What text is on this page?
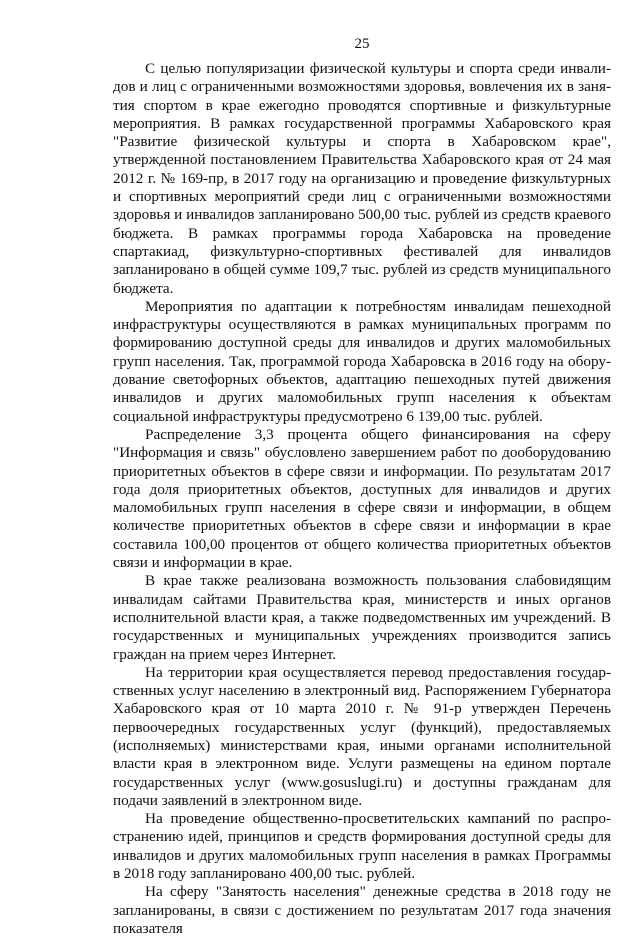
25

С целью популяризации физической культуры и спорта среди инвалидов и лиц с ограниченными возможностями здоровья, вовлечения их в занятия спортом в крае ежегодно проводятся спортивные и физкультурные мероприятия. В рамках государственной программы Хабаровского края "Развитие физической культуры и спорта в Хабаровском крае", утвержденной постановлением Правительства Хабаровского края от 24 мая 2012 г. № 169-пр, в 2017 году на организацию и проведение физкультурных и спортивных мероприятий среди лиц с ограниченными возможностями здоровья и инвалидов запланировано 500,00 тыс. рублей из средств краевого бюджета. В рамках программы города Хабаровска на проведение спартакиад, физкультурно-спортивных фестивалей для инвалидов запланировано в общей сумме 109,7 тыс. рублей из средств муниципального бюджета.

Мероприятия по адаптации к потребностям инвалидам пешеходной инфраструктуры осуществляются в рамках муниципальных программ по формированию доступной среды для инвалидов и других маломобильных групп населения. Так, программой города Хабаровска в 2016 году на оборудование светофорных объектов, адаптацию пешеходных путей движения инвалидов и других маломобильных групп населения к объектам социальной инфраструктуры предусмотрено 6 139,00 тыс. рублей.

Распределение 3,3 процента общего финансирования на сферу "Информация и связь" обусловлено завершением работ по дооборудованию приоритетных объектов в сфере связи и информации. По результатам 2017 года доля приоритетных объектов, доступных для инвалидов и других маломобильных групп населения в сфере связи и информации, в общем количестве приоритетных объектов в сфере связи и информации в крае составила 100,00 процентов от общего количества приоритетных объектов связи и информации в крае.

В крае также реализована возможность пользования слабовидящим инвалидам сайтами Правительства края, министерств и иных органов исполнительной власти края, а также подведомственных им учреждений. В государственных и муниципальных учреждениях производится запись граждан на прием через Интернет.

На территории края осуществляется перевод предоставления государственных услуг населению в электронный вид. Распоряжением Губернатора Хабаровского края от 10 марта 2010 г. № 91-р утвержден Перечень первоочередных государственных услуг (функций), предоставляемых (исполняемых) министерствами края, иными органами исполнительной власти края в электронном виде. Услуги размещены на едином портале государственных услуг (www.gosuslugi.ru) и доступны гражданам для подачи заявлений в электронном виде.

На проведение общественно-просветительских кампаний по распространению идей, принципов и средств формирования доступной среды для инвалидов и других маломобильных групп населения в рамках Программы в 2018 году запланировано 400,00 тыс. рублей.

На сферу "Занятость населения" денежные средства в 2018 году не запланированы, в связи с достижением по результатам 2017 года значения показателя
